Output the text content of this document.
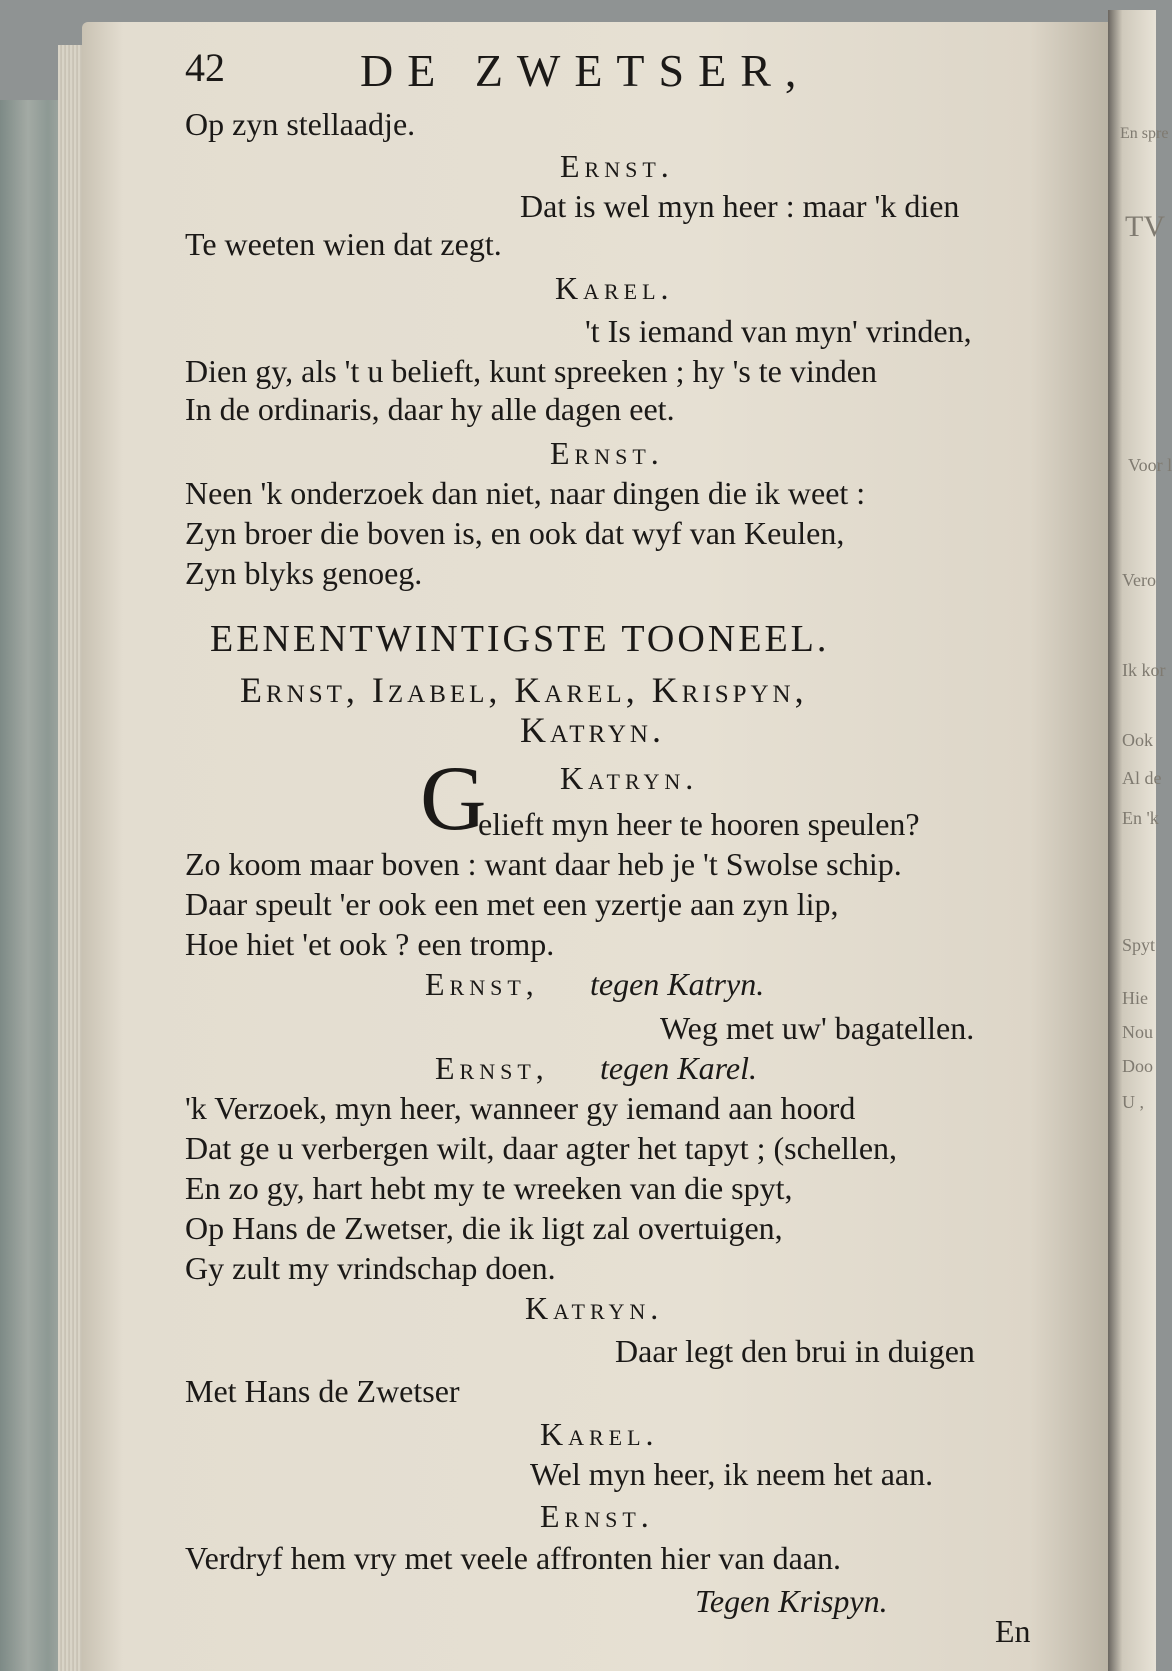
En spre
TV
Voor l
Vero
Ik kor
Ook
Al de
En 'k
Spyt
Hie
Nou
Doo
U ,
42	DE ZWETSER,
Op zyn stellaadje.
Ernst.
Dat is wel myn heer : maar 'k dien
Te weeten wien dat zegt.
Karel.
't Is iemand van myn' vrinden,
Dien gy, als 't u belieft, kunt spreeken ; hy 's te vinden
In de ordinaris, daar hy alle dagen eet.
Ernst.
Neen 'k onderzoek dan niet, naar dingen die ik weet :
Zyn broer die boven is, en ook dat wyf van Keulen,
Zyn blyks genoeg.
EENENTWINTIGSTE TOONEEL.
Ernst, Izabel, Karel, Krispyn,
Katryn.
Katryn.
G
elieft myn heer te hooren speulen?
Zo koom maar boven : want daar heb je 't Swolse schip.
Daar speult 'er ook een met een yzertje aan zyn lip,
Hoe hiet 'et ook ? een tromp.
Ernst, tegen Katryn.
Weg met uw' bagatellen.
Ernst, tegen Karel.
'k Verzoek, myn heer, wanneer gy iemand aan hoord
Dat ge u verbergen wilt, daar agter het tapyt ; (schellen,
En zo gy, hart hebt my te wreeken van die spyt,
Op Hans de Zwetser, die ik ligt zal overtuigen,
Gy zult my vrindschap doen.
Katryn.
Daar legt den brui in duigen
Met Hans de Zwetser
Karel.
Wel myn heer, ik neem het aan.
Ernst.
Verdryf hem vry met veele affronten hier van daan.
Tegen Krispyn.
En
